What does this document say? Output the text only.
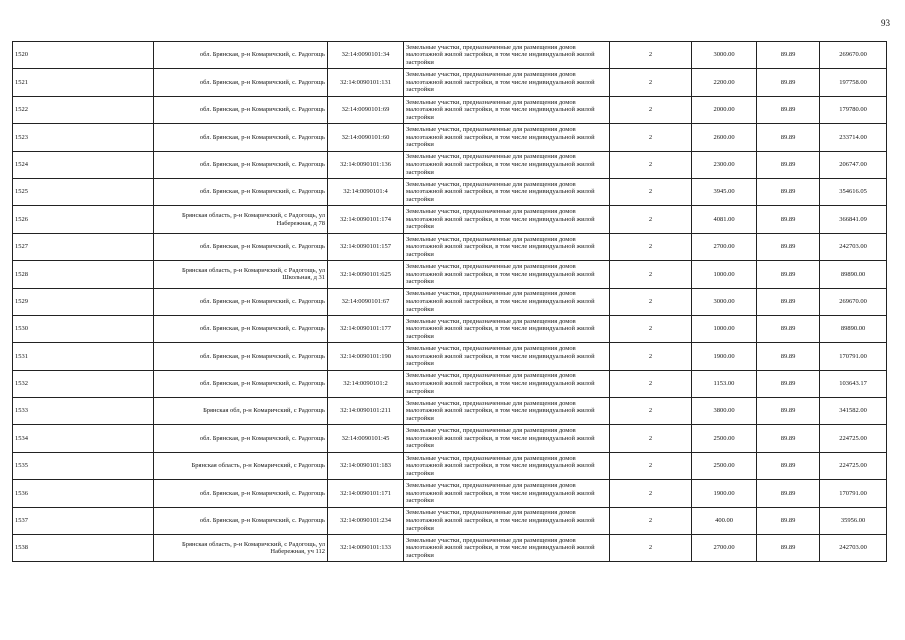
93
1520	обл. Брянская, р-н Комаричский, с. Радогощь	32:14:0090101:34	Земельные участки, предназначенные для размещения домов малоэтажной жилой застройки, в том числе индивидуальной жилой застройки	2	3000.00	89.89	269670.00
1521	обл. Брянская, р-н Комаричский, с. Радогощь	32:14:0090101:131	Земельные участки, предназначенные для размещения домов малоэтажной жилой застройки, в том числе индивидуальной жилой застройки	2	2200.00	89.89	197758.00
1522	обл. Брянская, р-н Комаричский, с. Радогощь	32:14:0090101:69	Земельные участки, предназначенные для размещения домов малоэтажной жилой застройки, в том числе индивидуальной жилой застройки	2	2000.00	89.89	179780.00
1523	обл. Брянская, р-н Комаричский, с. Радогощь	32:14:0090101:60	Земельные участки, предназначенные для размещения домов малоэтажной жилой застройки, в том числе индивидуальной жилой застройки	2	2600.00	89.89	233714.00
1524	обл. Брянская, р-н Комаричский, с. Радогощь	32:14:0090101:136	Земельные участки, предназначенные для размещения домов малоэтажной жилой застройки, в том числе индивидуальной жилой застройки	2	2300.00	89.89	206747.00
1525	обл. Брянская, р-н Комаричский, с. Радогощь	32:14:0090101:4	Земельные участки, предназначенные для размещения домов малоэтажной жилой застройки, в том числе индивидуальной жилой застройки	2	3945.00	89.89	354616.05
1526	Брянская область, р-н Комаричский, с Радогощь, ул Набережная, д 78	32:14:0090101:174	Земельные участки, предназначенные для размещения домов малоэтажной жилой застройки, в том числе индивидуальной жилой застройки	2	4081.00	89.89	366841.09
1527	обл. Брянская, р-н Комаричский, с. Радогощь	32:14:0090101:157	Земельные участки, предназначенные для размещения домов малоэтажной жилой застройки, в том числе индивидуальной жилой застройки	2	2700.00	89.89	242703.00
1528	Брянская область, р-н Комаричский, с Радогощь, ул Школьная, д 31	32:14:0090101:625	Земельные участки, предназначенные для размещения домов малоэтажной жилой застройки, в том числе индивидуальной жилой застройки	2	1000.00	89.89	89890.00
1529	обл. Брянская, р-н Комаричский, с. Радогощь	32:14:0090101:67	Земельные участки, предназначенные для размещения домов малоэтажной жилой застройки, в том числе индивидуальной жилой застройки	2	3000.00	89.89	269670.00
1530	обл. Брянская, р-н Комаричский, с. Радогощь	32:14:0090101:177	Земельные участки, предназначенные для размещения домов малоэтажной жилой застройки, в том числе индивидуальной жилой застройки	2	1000.00	89.89	89890.00
1531	обл. Брянская, р-н Комаричский, с. Радогощь	32:14:0090101:190	Земельные участки, предназначенные для размещения домов малоэтажной жилой застройки, в том числе индивидуальной жилой застройки	2	1900.00	89.89	170791.00
1532	обл. Брянская, р-н Комаричский, с. Радогощь	32:14:0090101:2	Земельные участки, предназначенные для размещения домов малоэтажной жилой застройки, в том числе индивидуальной жилой застройки	2	1153.00	89.89	103643.17
1533	Брянская обл, р-н Комаричский, с Радогощь	32:14:0090101:211	Земельные участки, предназначенные для размещения домов малоэтажной жилой застройки, в том числе индивидуальной жилой застройки	2	3800.00	89.89	341582.00
1534	обл. Брянская, р-н Комаричский, с. Радогощь	32:14:0090101:45	Земельные участки, предназначенные для размещения домов малоэтажной жилой застройки, в том числе индивидуальной жилой застройки	2	2500.00	89.89	224725.00
1535	Брянская область, р-н Комаричский, с Радогощь	32:14:0090101:183	Земельные участки, предназначенные для размещения домов малоэтажной жилой застройки, в том числе индивидуальной жилой застройки	2	2500.00	89.89	224725.00
1536	обл. Брянская, р-н Комаричский, с. Радогощь	32:14:0090101:171	Земельные участки, предназначенные для размещения домов малоэтажной жилой застройки, в том числе индивидуальной жилой застройки	2	1900.00	89.89	170791.00
1537	обл. Брянская, р-н Комаричский, с. Радогощь	32:14:0090101:234	Земельные участки, предназначенные для размещения домов малоэтажной жилой застройки, в том числе индивидуальной жилой застройки	2	400.00	89.89	35956.00
1538	Брянская область, р-н Комаричский, с Радогощь, ул Набережная, уч 112	32:14:0090101:133	Земельные участки, предназначенные для размещения домов малоэтажной жилой застройки, в том числе индивидуальной жилой застройки	2	2700.00	89.89	242703.00
